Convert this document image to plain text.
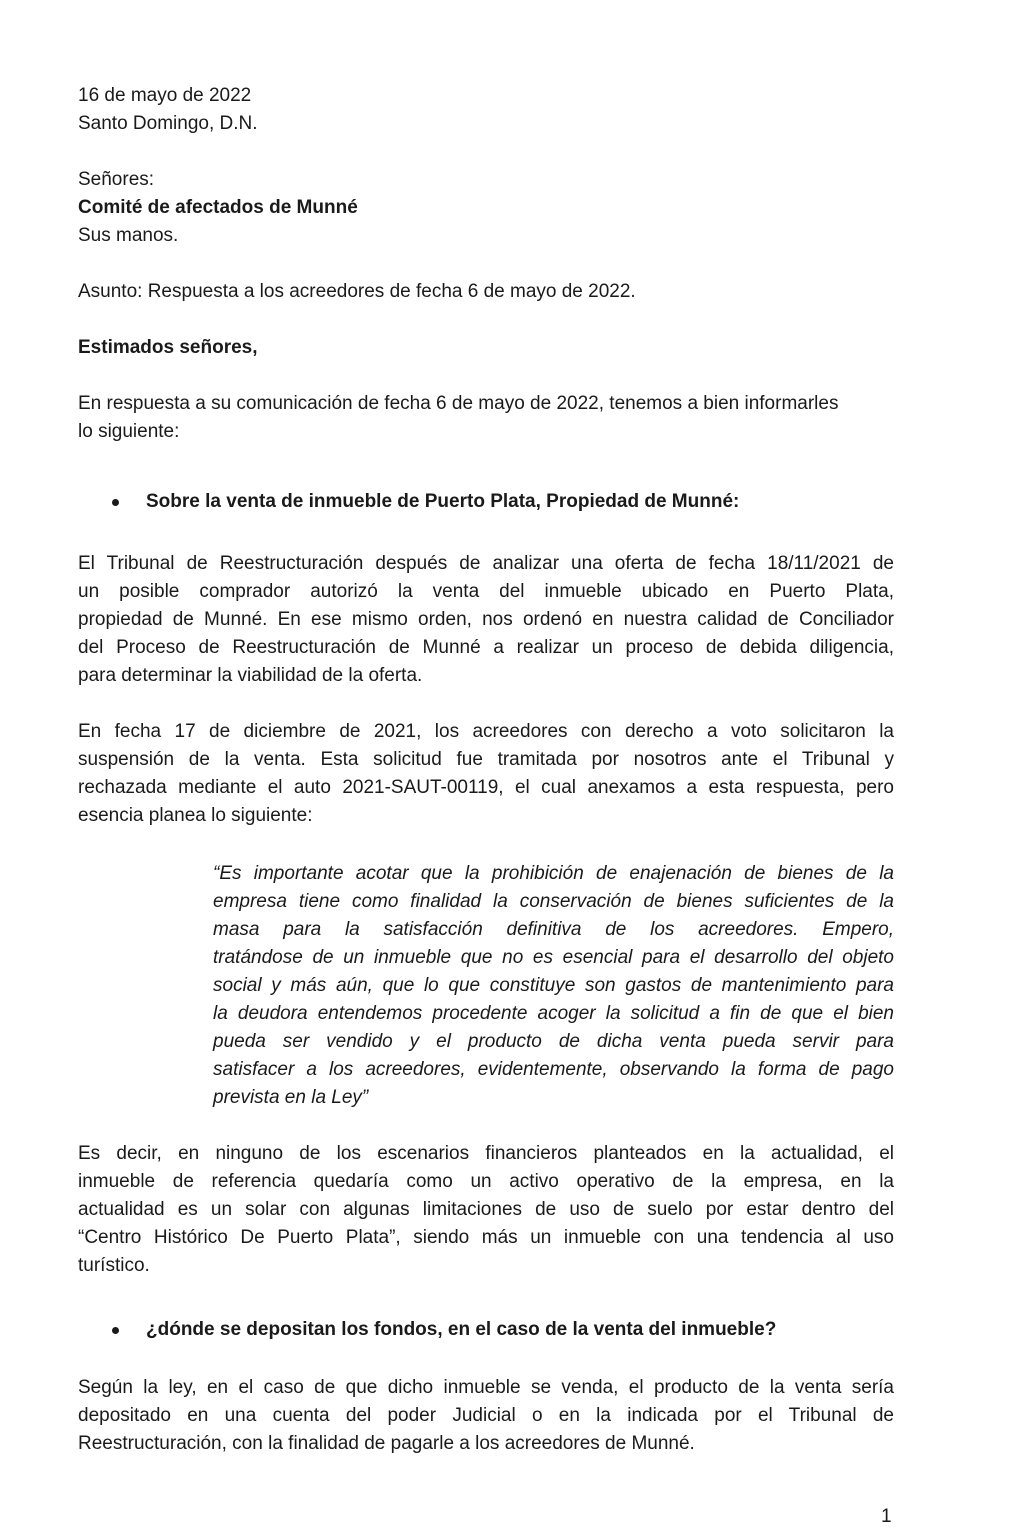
16 de mayo de 2022
Santo Domingo, D.N.
Señores:
Comité de afectados de Munné
Sus manos.
Asunto: Respuesta a los acreedores de fecha 6 de mayo de 2022.
Estimados señores,
En respuesta a su comunicación de fecha 6 de mayo de 2022, tenemos a bien informarles
lo siguiente:
Sobre la venta de inmueble de Puerto Plata, Propiedad de Munné:
El Tribunal de Reestructuración después de analizar una oferta de fecha 18/11/2021 de
un posible comprador autorizó la venta del inmueble ubicado en Puerto Plata,
propiedad de Munné. En ese mismo orden, nos ordenó en nuestra calidad de Conciliador
del Proceso de Reestructuración de Munné a realizar un proceso de debida diligencia,
para determinar la viabilidad de la oferta.
En fecha 17 de diciembre de 2021, los acreedores con derecho a voto solicitaron la
suspensión de la venta. Esta solicitud fue tramitada por nosotros ante el Tribunal y
rechazada mediante el auto 2021-SAUT-00119, el cual anexamos a esta respuesta, pero
esencia planea lo siguiente:
“Es importante acotar que la prohibición de enajenación de bienes de la
empresa tiene como finalidad la conservación de bienes suficientes de la
masa para la satisfacción definitiva de los acreedores. Empero,
tratándose de un inmueble que no es esencial para el desarrollo del objeto
social y más aún, que lo que constituye son gastos de mantenimiento para
la deudora entendemos procedente acoger la solicitud a fin de que el bien
pueda ser vendido y el producto de dicha venta pueda servir para
satisfacer a los acreedores, evidentemente, observando la forma de pago
prevista en la Ley”
Es decir, en ninguno de los escenarios financieros planteados en la actualidad, el
inmueble de referencia quedaría como un activo operativo de la empresa, en la
actualidad es un solar con algunas limitaciones de uso de suelo por estar dentro del
“Centro Histórico De Puerto Plata”, siendo más un inmueble con una tendencia al uso
turístico.
¿dónde se depositan los fondos, en el caso de la venta del inmueble?
Según la ley, en el caso de que dicho inmueble se venda, el producto de la venta sería
depositado en una cuenta del poder Judicial o en la indicada por el Tribunal de
Reestructuración, con la finalidad de pagarle a los acreedores de Munné.
1
